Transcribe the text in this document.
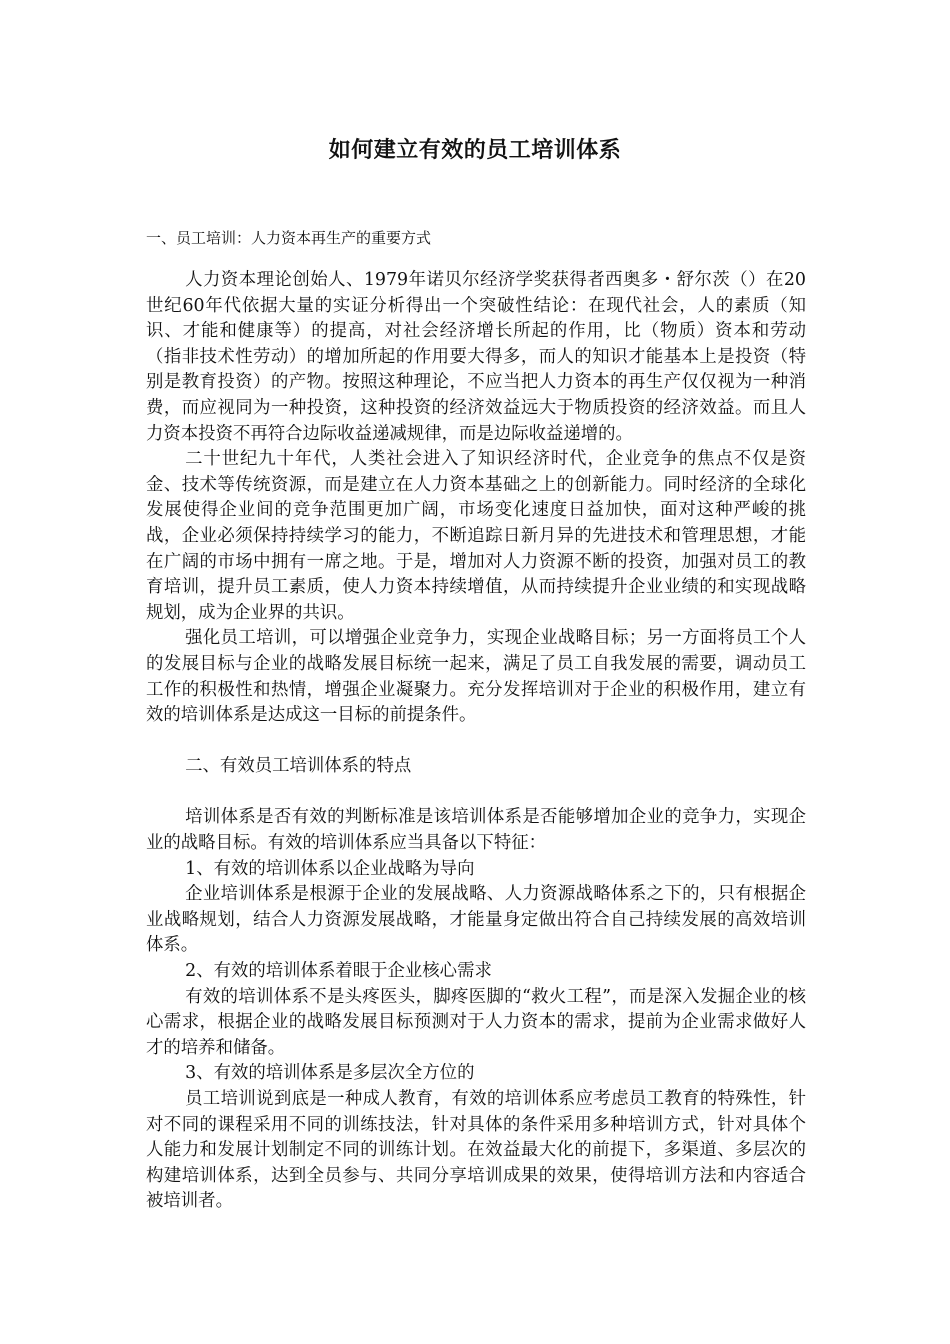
如何建立有效的员工培训体系
一、员工培训：人力资本再生产的重要方式

人力资本理论创始人、1979年诺贝尔经济学奖获得者西奥多・舒尔茨（）在20世纪60年代依据大量的实证分析得出一个突破性结论：在现代社会，人的素质（知识、才能和健康等）的提高，对社会经济增长所起的作用，比（物质）资本和劳动（指非技术性劳动）的增加所起的作用要大得多，而人的知识才能基本上是投资（特别是教育投资）的产物。按照这种理论，不应当把人力资本的再生产仅仅视为一种消费，而应视同为一种投资，这种投资的经济效益远大于物质投资的经济效益。而且人力资本投资不再符合边际收益递减规律，而是边际收益递增的。

二十世纪九十年代，人类社会进入了知识经济时代，企业竞争的焦点不仅是资金、技术等传统资源，而是建立在人力资本基础之上的创新能力。同时经济的全球化发展使得企业间的竞争范围更加广阔，市场变化速度日益加快，面对这种严峻的挑战，企业必须保持持续学习的能力，不断追踪日新月异的先进技术和管理思想，才能在广阔的市场中拥有一席之地。于是，增加对人力资源不断的投资，加强对员工的教育培训，提升员工素质，使人力资本持续增值，从而持续提升企业业绩的和实现战略规划，成为企业界的共识。

强化员工培训，可以增强企业竞争力，实现企业战略目标；另一方面将员工个人的发展目标与企业的战略发展目标统一起来，满足了员工自我发展的需要，调动员工工作的积极性和热情，增强企业凝聚力。充分发挥培训对于企业的积极作用，建立有效的培训体系是达成这一目标的前提条件。

二、有效员工培训体系的特点

培训体系是否有效的判断标准是该培训体系是否能够增加企业的竞争力，实现企业的战略目标。有效的培训体系应当具备以下特征：

1、有效的培训体系以企业战略为导向

企业培训体系是根源于企业的发展战略、人力资源战略体系之下的，只有根据企业战略规划，结合人力资源发展战略，才能量身定做出符合自己持续发展的高效培训体系。

2、有效的培训体系着眼于企业核心需求

有效的培训体系不是头疼医头，脚疼医脚的“救火工程”，而是深入发掘企业的核心需求，根据企业的战略发展目标预测对于人力资本的需求，提前为企业需求做好人才的培养和储备。

3、有效的培训体系是多层次全方位的

员工培训说到底是一种成人教育，有效的培训体系应考虑员工教育的特殊性，针对不同的课程采用不同的训练技法，针对具体的条件采用多种培训方式，针对具体个人能力和发展计划制定不同的训练计划。在效益最大化的前提下，多渠道、多层次的构建培训体系，达到全员参与、共同分享培训成果的效果，使得培训方法和内容适合被培训者。
